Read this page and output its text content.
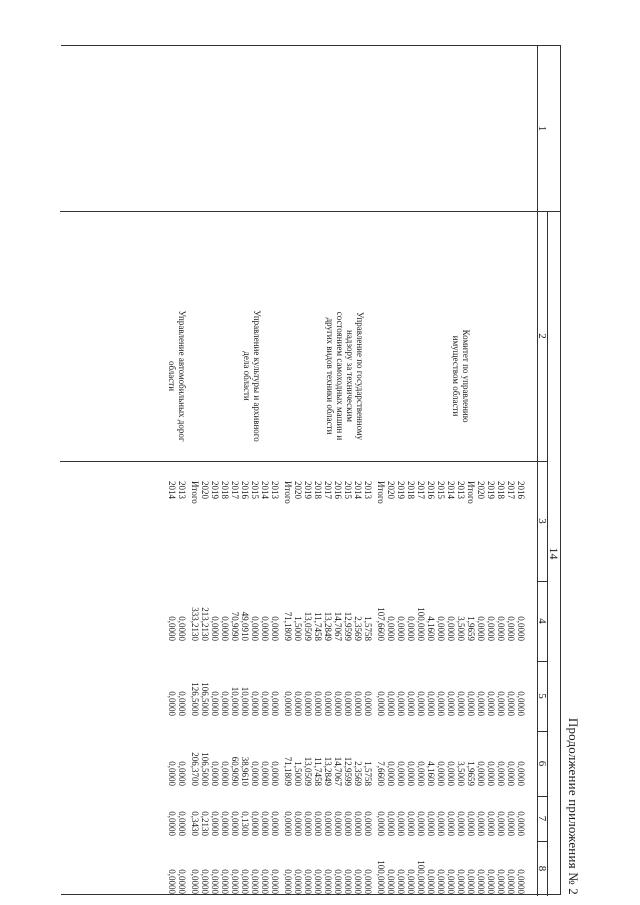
Продолжение приложения № 2
14
1
2
3
4
5
6
7
8
2016
0,0000
0,0000
0,0000
0,0000
0,0000
2017
0,0000
0,0000
0,0000
0,0000
0,0000
2018
0,0000
0,0000
0,0000
0,0000
0,0000
2019
0,0000
0,0000
0,0000
0,0000
0,0000
2020
0,0000
0,0000
0,0000
0,0000
0,0000
Итого
1,9659
0,0000
1,9659
0,0000
0,0000
2013
3,5000
0,0000
3,5000
0,0000
0,0000
2014
0,0000
0,0000
0,0000
0,0000
0,0000
2015
0,0000
0,0000
0,0000
0,0000
0,0000
2016
4,1600
0,0000
4,1600
0,0000
0,0000
2017
100,0000
0,0000
0,0000
0,0000
100,0000
2018
0,0000
0,0000
0,0000
0,0000
0,0000
2019
0,0000
0,0000
0,0000
0,0000
0,0000
2020
0,0000
0,0000
0,0000
0,0000
0,0000
Итого
107,6600
0,0000
7,6600
0,0000
100,0000
Комитет по управлению
имуществом области
2013
1,5758
0,0000
1,5758
0,0000
0,0000
2014
2,3569
0,0000
2,3569
0,0000
0,0000
2015
12,9599
0,0000
12,9599
0,0000
0,0000
2016
14,7067
0,0000
14,7067
0,0000
0,0000
2017
13,2849
0,0000
13,2849
0,0000
0,0000
2018
11,7458
0,0000
11,7458
0,0000
0,0000
2019
13,0509
0,0000
13,0509
0,0000
0,0000
2020
1,5000
0,0000
1,5000
0,0000
0,0000
Итого
71,1809
0,0000
71,1809
0,0000
0,0000
Управление по государственному
надзору за техническим
состоянием самоходных машин и
других видов техники области
2013
0,0000
0,0000
0,0000
0,0000
0,0000
2014
0,0000
0,0000
0,0000
0,0000
0,0000
2015
0,0000
0,0000
0,0000
0,0000
0,0000
2016
49,0910
10,0000
38,9610
0,1300
0,0000
2017
70,9090
10,0000
60,9090
0,0000
0,0000
2018
0,0000
0,0000
0,0000
0,0000
0,0000
2019
0,0000
0,0000
0,0000
0,0000
0,0000
2020
213,2130
106,5000
106,5000
0,2130
0,0000
Итого
333,2130
126,5000
206,3700
0,3430
0,0000
Управление культуры и архивного
дела области
2013
0,0000
0,0000
0,0000
0,0000
0,0000
2014
0,0000
0,0000
0,0000
0,0000
0,0000
Управление автомобильных дорог
области
